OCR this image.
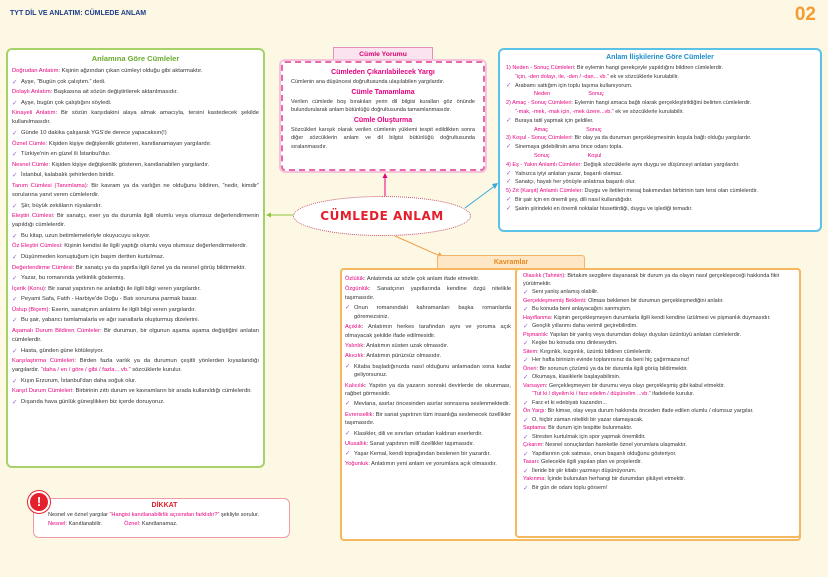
TYT DİL VE ANLATIM: CÜMLEDE ANLAM	02
Anlamına Göre Cümleler
Doğrudan Anlatım: Kişinin ağzından çıkan cümleyi olduğu gibi aktarmaktır.
✓ Ayşe, “Bugün çok çalıştım.” dedi.
Dolaylı Anlatım: Başkasına ait sözün değiştirilerek aktarılmasıdır.
✓ Ayşe, bugün çok çalıştığını söyledi.
Kinayeli Anlatım: Bir sözün karşıdakini alaya almak amacıyla, tersini kastedecek şekilde kullanılmasıdır.
✓ Günde 10 dakika çalışarak YGS'de derece yapacaksın(!)
Öznel Cümle: Kişiden kişiye değişkenlik gösteren, kanıtlanamayan yargılardır.
✓ Türkiye'nin en güzel ili İstanbul'dur.
Nesnel Cümle: Kişiden kişiye değişkenlik gösteren, kanıtlanabilen yargılardır.
✓ İstanbul, kalabalık şehirlerden biridir.
Tanım Cümlesi (Tanımlama): Bir kavram ya da varlığın ne olduğunu bildiren, “nedir, kimdir” sorularına yanıt veren cümlelerdir.
✓ Şiir, büyük zekâların rüyalarıdır.
Eleştiri Cümlesi: Bir sanatçı, eser ya da durumla ilgili olumlu veya olumsuz değerlendirmenin yapıldığı cümlelerdir.
✓ Bu kitap, uzun betimlemeleriyle okuyucuyu sıkıyor.
Öz Eleştiri Cümlesi: Kişinin kendisi ile ilgili yaptığı olumlu veya olumsuz değerlendirmelerdir.
✓ Düşünmeden konuştuğum için başım dertten kurtulmaz.
Değerlendirme Cümlesi: Bir sanatçı ya da yapıtla ilgili öznel ya da nesnel görüş bildirmektir.
✓ Yazar, bu romanında yetkinlik göstermiş.
İçerik (Konu): Bir sanat yapıtının ne anlattığı ile ilgili bilgi veren yargılardır.
✓ Peyami Safa, Fatih - Harbiye'de Doğu - Batı sorununa parmak basar.
Üslup (Biçem): Eserin, sanatçının anlatımı ile ilgili bilgi veren yargılardır.
✓ Bu şair, yabancı tamlamalarla ve ağır sanatlarla oluşturmuş dizelerini.
Aşamalı Durum Bildiren Cümleler: Bir durumun, bir olgunun aşama aşama değiştiğini anlatan cümlelerdir.
✓ Hasta, günden güne kötüleşiyor.
Karşılaştırma Cümleleri: Birden fazla varlık ya da durumun çeşitli yönlerden kıyaslandığı yargılardır. “daha / en / göre / gibi / fazla... vb.” sözcüklerle kurulur.
✓ Kışın Erzurum, İstanbul'dan daha soğuk olur.
Karşıt Durum Cümleleri: Birbirinin zıttı durum ve kavramların bir arada kullanıldığı cümlelerdir.
✓ Dışarıda hava günlük güneşlikken biz içerde donuyoruz.
Cümle Yorumu
Cümleden Çıkarılabilecek Yargı

Cümlenin ana düşüncesi doğrultusunda ulaşılabilen yargılardır.

Cümle Tamamlama

Verilen cümlede boş bırakılan yerin dil bilgisi kuralları göz önünde bulundurularak anlam bütünlüğü doğrultusunda tamamlanmasıdır.

Cümle Oluşturma

Sözcükleri karışık olarak verilen cümlenin yüklemi tespit edildikten sonra diğer sözcüklerin anlam ve dil bilgisi bütünlüğü doğrultusunda sıralanmasıdır.

CÜMLEDE ANLAM
Anlam İlişkilerine Göre Cümleler
1) Neden - Sonuç Cümleleri: Bir eylemin hangi gerekçeyle yapıldığını bildiren cümlelerdir.
“için, -den dolayı, ile, -den / -dan... vb.” ek ve sözcüklerle kurulabilir.
✓ Arabamı sattığım için toplu taşıma kullanıyorum.
Neden	Sonuç
2) Amaç - Sonuç Cümleleri: Eylemin hangi amaca bağlı olarak gerçekleştirildiğini belirten cümlelerdir.
“-mak, -mek, -mak için, -mek üzere...vb.” ek ve sözcüklerle kurulabilir.
✓ Buraya tatil yapmak için geldiler.
Amaç	Sonuç
3) Koşul - Sonuç Cümleleri: Bir olay ya da durumun gerçekleşmesinin koşula bağlı olduğu yargılardır.
✓ Sinemaya gidebilirsin ama önce odanı topla.
Sonuç	Koşul
4) Eş - Yakın Anlamlı Cümleler: Değişik sözcüklerle aynı duygu ve düşünceyi anlatan yargılardır.
✓ Yalnızca iyiyi anlatan yazar, başarılı olamaz.
✓ Sanatçı, hayatı her yönüyle anlatırsa başarılı olur.
5) Zıt (Karşıt) Anlamlı Cümleler: Duygu ve iletileri mesaj bakımından birbirinin tam tersi olan cümlelerdir.
✓ Bir şair için en önemli şey, dili nasıl kullandığıdır.
✓ Şairin şiirindeki en önemli noktalar hissettirdiği, duygu ve işlediği temadır.
Kavramlar
Özlülük: Anlatımda az sözle çok anlam ifade etmektir.
Özgünlük: Sanatçının yapıtlarında kendine özgü nitelikle taşımasıdır.
✓ Onun romanındaki kahramanları başka romanlarda göremezsiniz.
Açıklık: Anlatımın herkes tarafından aynı ve yoruma açık olmayacak şekilde ifade edilmesidir.
Yalınlık: Anlatımın süsten uzak olmasıdır.
Akıcılık: Anlatımın pürüzsüz olmasıdır.
✓ Kitaba başladığınızda nasıl olduğunu anlamadan sona kadar geliyorsunuz.
Kalıcılık: Yapıtın ya da yazarın sonraki devirlerde de okunması, rağbet görmesidir.
✓ Mevlana, asırlar öncesinden asırlar sonrasına seslenmektedir.
Evrensellik: Bir sanat yapıtının tüm insanlığa seslenecek özellikler taşımasıdır.
✓ Klasikler, dili ve sınırları ortadan kaldıran eserlerdir.
Ulusallık: Sanat yapıtının millî özellikler taşımasıdır.
✓ Yaşar Kemal, kendi toprağından beslenen bir yazardır.
Yoğunluk: Anlatımın yeni anlam ve yorumlara açık olmasıdır.
Olasılık (Tahmin): Birtakım sezgilere dayanarak bir durum ya da olayın nasıl gerçekleşeceği hakkında fikir yürütmektir.
✓ Seni yanlış anlamış olabilir.
Gerçekleşmemiş Beklenti: Olması beklenen bir durumun gerçekleşmediğini anlatır.
✓ Bu konuda beni anlayacağını sanmıştım.
Hayıflanma: Kişinin gerçekleşmeyen durumlarla ilgili kendi kendine üzülmesi ve pişmanlık duymasıdır.
✓ Gençlik yıllarımı daha verimli geçirebilirdim.
Pişmanlık: Yapılan bir yanlış veya durumdan dolayı duyulan üzüntüyü anlatan cümlelerdir.
✓ Keşke bu konuda onu dinleseydim.
Sitem: Kırgınlık, kızgınlık, üzüntü bildiren cümlelerdir.
✓ Her hafta birinizin evinde toplanırsınız da beni hiç çağırmazsınız!
Öneri: Bir sorunun çözümü ya da bir durumla ilgili görüş bildirmektir.
✓ Okumaya, klasiklerle başlayabilirsin.
Varsayım: Gerçekleşmeyen bir durumu veya olayı gerçekleşmiş gibi kabul etmektir.
“Tut ki / diyelim ki / farz edelim / düşünelim ...vb.” ifadelerle kurulur.
✓ Farz et ki edebiyatı kazandın...
Ön Yargı: Bir kimse, olay veya durum hakkında önceden ifade edilen olumlu / olumsuz yargılar.
✓ O, hiçbir zaman nitelikli bir yazar olamayacak.
Saptama: Bir durum için tespitte bulunmaktır.
✓ Stresten kurtulmak için spor yapmak önemlidir.
Çıkarım: Nesnel sonuçlardan hareketle öznel yorumlara ulaşmaktır.
✓ Yapıtlarının çok satması, onun başarılı olduğunu gösteriyor.
Tasarı: Gelecekle ilgili yapılan plan ve projelerdir.
✓ İleride bir şiir kitabı yazmayı düşünüyorum.
Yakınma: İçinde bulunulan herhangi bir durumdan şikâyet etmektir.
✓ Bir gün de odanı toplu görsem!
DİKKAT

Nesnel ve öznel yargılar “Hangisi kanıtlanabilirlik açısından farklıdır?” şekliyle sorulur.

Nesnel: Kanıtlanabilir.	Öznel: Kanıtlanamaz.

!
